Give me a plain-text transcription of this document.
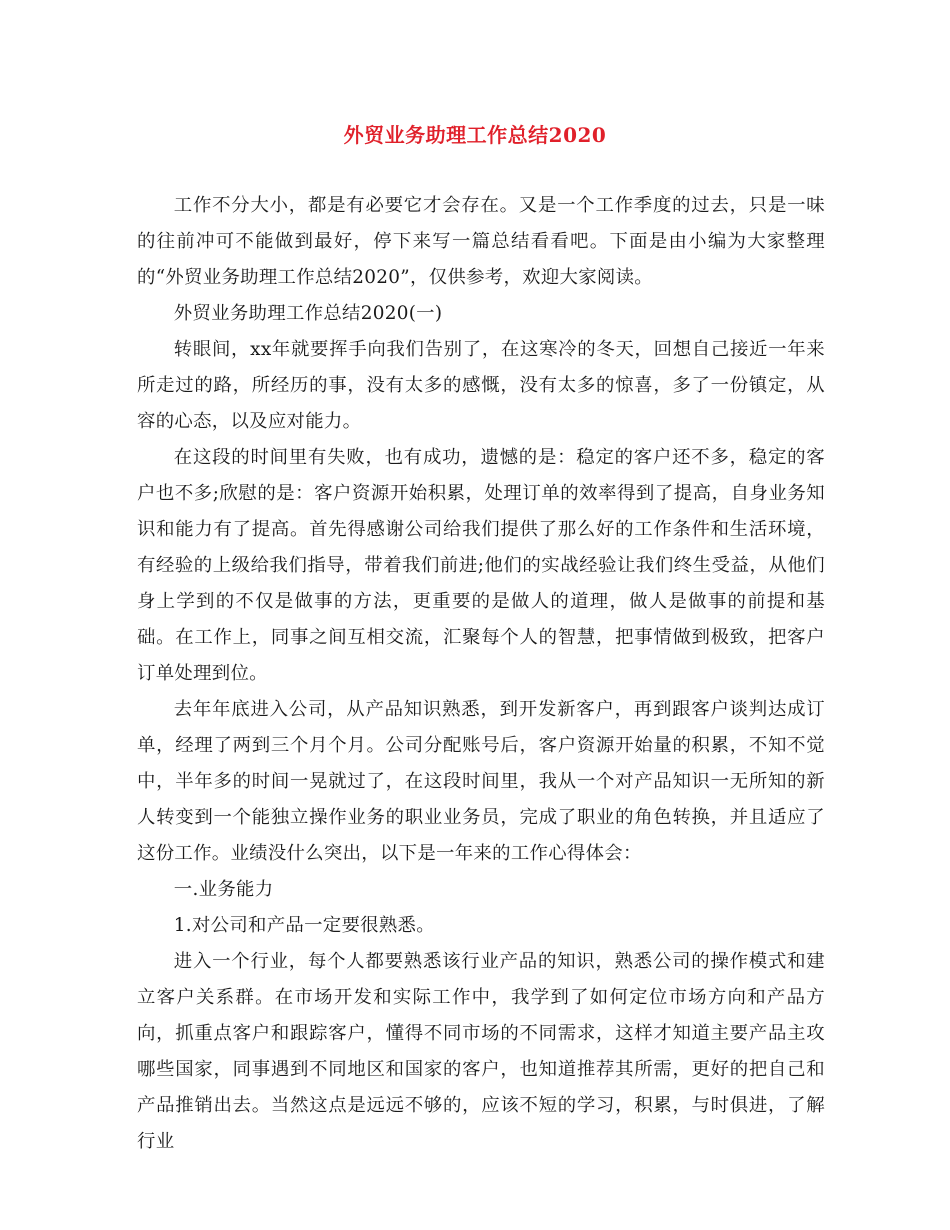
外贸业务助理工作总结2020

工作不分大小，都是有必要它才会存在。又是一个工作季度的过去，只是一味的往前冲可不能做到最好，停下来写一篇总结看看吧。下面是由小编为大家整理的“外贸业务助理工作总结2020”，仅供参考，欢迎大家阅读。

外贸业务助理工作总结2020(一)

转眼间，xx年就要挥手向我们告别了，在这寒冷的冬天，回想自己接近一年来所走过的路，所经历的事，没有太多的感慨，没有太多的惊喜，多了一份镇定，从容的心态，以及应对能力。

在这段的时间里有失败，也有成功，遗憾的是：稳定的客户还不多，稳定的客户也不多;欣慰的是：客户资源开始积累，处理订单的效率得到了提高，自身业务知识和能力有了提高。首先得感谢公司给我们提供了那么好的工作条件和生活环境，有经验的上级给我们指导，带着我们前进;他们的实战经验让我们终生受益，从他们身上学到的不仅是做事的方法，更重要的是做人的道理，做人是做事的前提和基础。在工作上，同事之间互相交流，汇聚每个人的智慧，把事情做到极致，把客户订单处理到位。

去年年底进入公司，从产品知识熟悉，到开发新客户，再到跟客户谈判达成订单，经理了两到三个月个月。公司分配账号后，客户资源开始量的积累，不知不觉中，半年多的时间一晃就过了，在这段时间里，我从一个对产品知识一无所知的新人转变到一个能独立操作业务的职业业务员，完成了职业的角色转换，并且适应了这份工作。业绩没什么突出，以下是一年来的工作心得体会：

一.业务能力

1.对公司和产品一定要很熟悉。

进入一个行业，每个人都要熟悉该行业产品的知识，熟悉公司的操作模式和建立客户关系群。在市场开发和实际工作中，我学到了如何定位市场方向和产品方向，抓重点客户和跟踪客户，懂得不同市场的不同需求，这样才知道主要产品主攻哪些国家，同事遇到不同地区和国家的客户，也知道推荐其所需，更好的把自己和产品推销出去。当然这点是远远不够的，应该不短的学习，积累，与时俱进，了解行业
